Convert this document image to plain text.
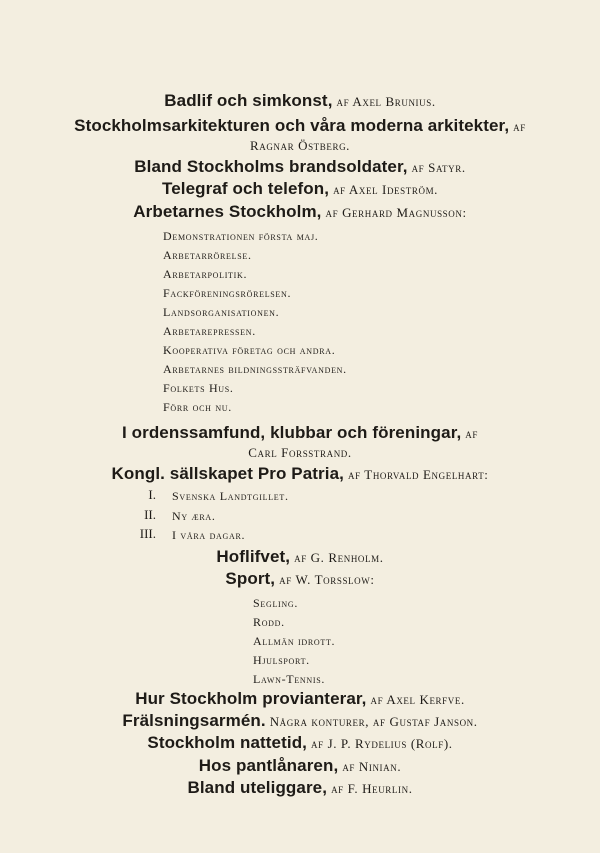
Badlif och simkonst, af Axel Brunius.
Stockholmsarkitekturen och våra moderna arkitekter, af
Ragnar Östberg.
Bland Stockholms brandsoldater, af Satyr.
Telegraf och telefon, af Axel Ideström.
Arbetarnes Stockholm, af Gerhard Magnusson:
Demonstrationen första maj.
Arbetarrörelse.
Arbetarpolitik.
Fackföreningsrörelsen.
Landsorganisationen.
Arbetarepressen.
Kooperativa företag och andra.
Arbetarnes bildningssträfvanden.
Folkets Hus.
Förr och nu.
I ordenssamfund, klubbar och föreningar, af
Carl Forsstrand.
Kongl. sällskapet Pro Patria, af Thorvald Engelhart:
I. Svenska Landtgillet.
II. Ny æra.
III. I våra dagar.
Hoflifvet, af G. Renholm.
Sport, af W. Torsslow:
Segling.
Rodd.
Allmän idrott.
Hjulsport.
Lawn-Tennis.
Hur Stockholm provianterar, af Axel Kerfve.
Frälsningsarmén. Några konturer, af Gustaf Janson.
Stockholm nattetid, af J. P. Rydelius (Rolf).
Hos pantlånaren, af Ninian.
Bland uteliggare, af F. Heurlin.
